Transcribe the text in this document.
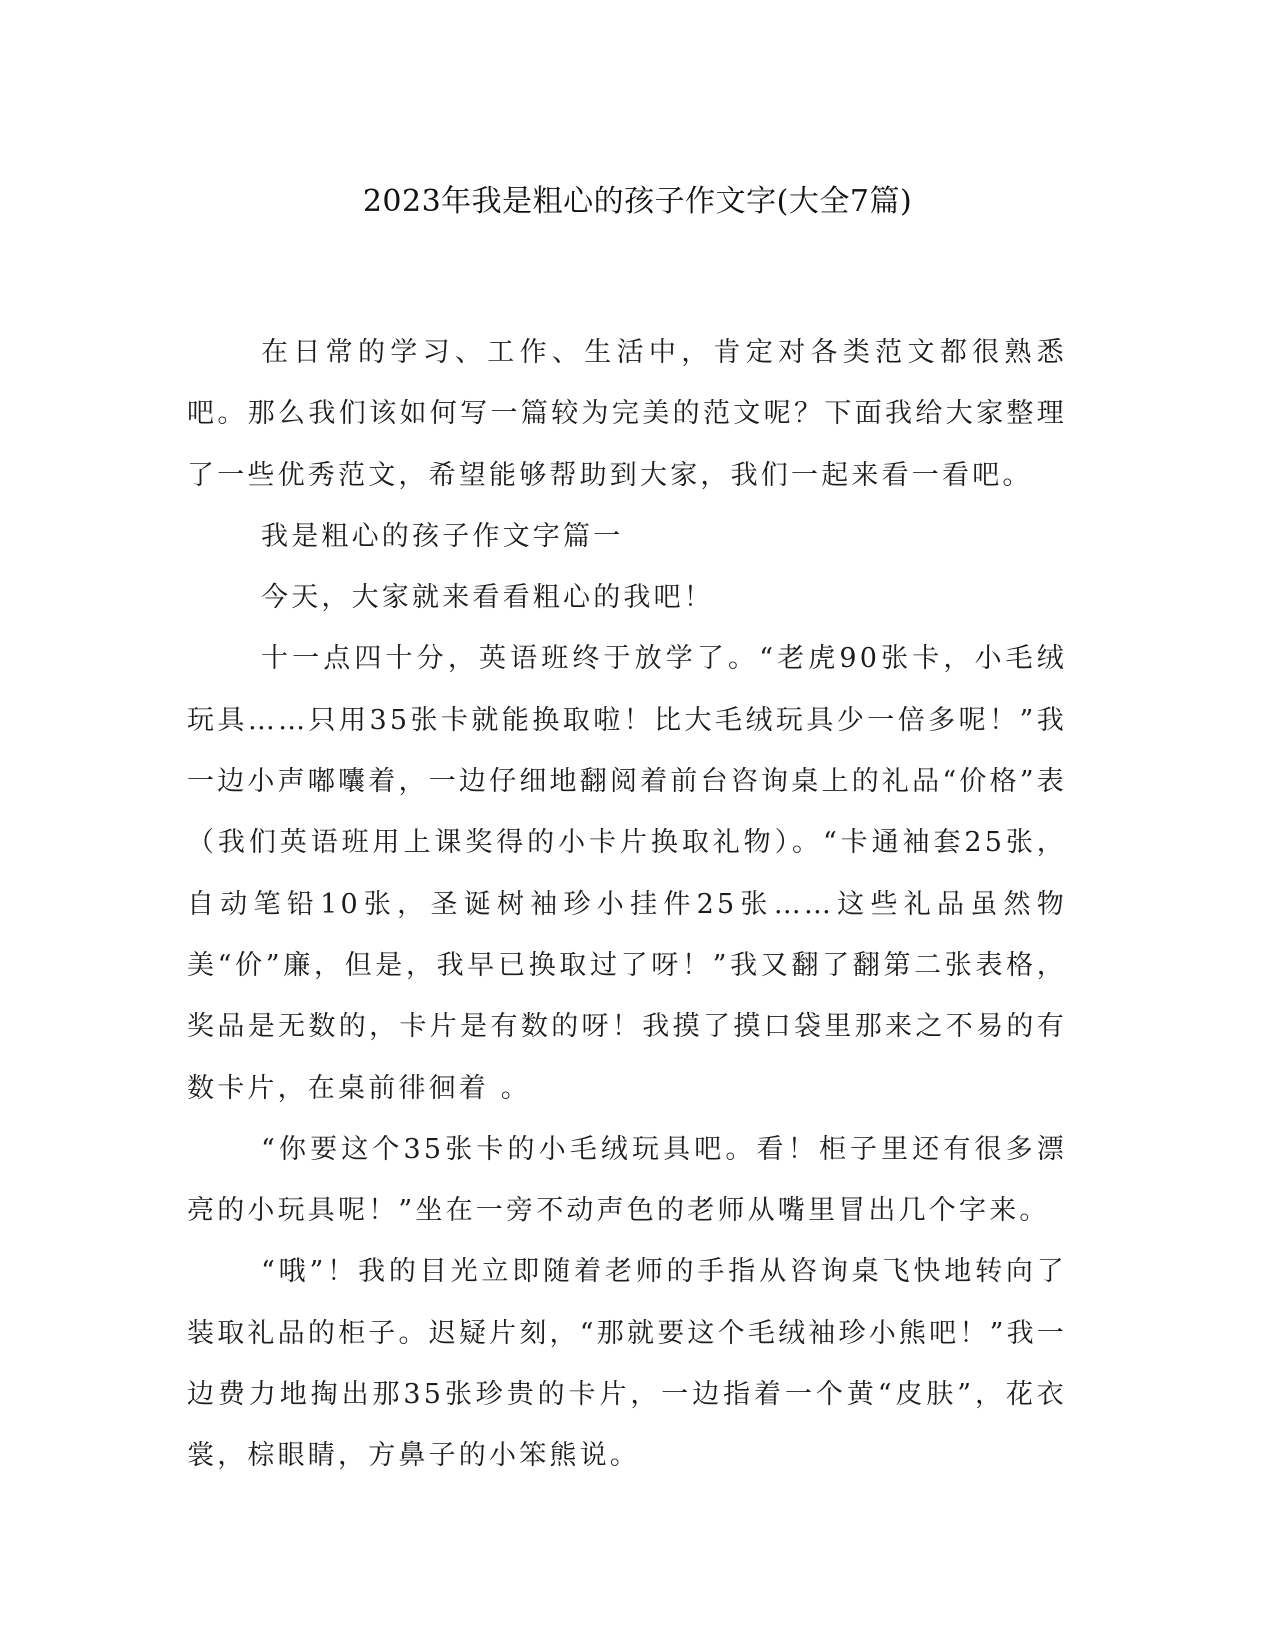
2023年我是粗心的孩子作文字(大全7篇)

在日常的学习、工作、生活中，肯定对各类范文都很熟悉吧。那么我们该如何写一篇较为完美的范文呢？下面我给大家整理了一些优秀范文，希望能够帮助到大家，我们一起来看一看吧。

我是粗心的孩子作文字篇一

今天，大家就来看看粗心的我吧！

十一点四十分，英语班终于放学了。“老虎90张卡，小毛绒玩具……只用35张卡就能换取啦！比大毛绒玩具少一倍多呢！”我一边小声嘟囔着，一边仔细地翻阅着前台咨询桌上的礼品“价格”表（我们英语班用上课奖得的小卡片换取礼物）。“卡通袖套25张，自动笔铅10张，圣诞树袖珍小挂件25张……这些礼品虽然物美“价”廉，但是，我早已换取过了呀！”我又翻了翻第二张表格，奖品是无数的，卡片是有数的呀！我摸了摸口袋里那来之不易的有数卡片，在桌前徘徊着 。

“你要这个35张卡的小毛绒玩具吧。看！柜子里还有很多漂亮的小玩具呢！”坐在一旁不动声色的老师从嘴里冒出几个字来。

“哦”！我的目光立即随着老师的手指从咨询桌飞快地转向了装取礼品的柜子。迟疑片刻，“那就要这个毛绒袖珍小熊吧！”我一边费力地掏出那35张珍贵的卡片，一边指着一个黄“皮肤”，花衣裳，棕眼睛，方鼻子的小笨熊说。
